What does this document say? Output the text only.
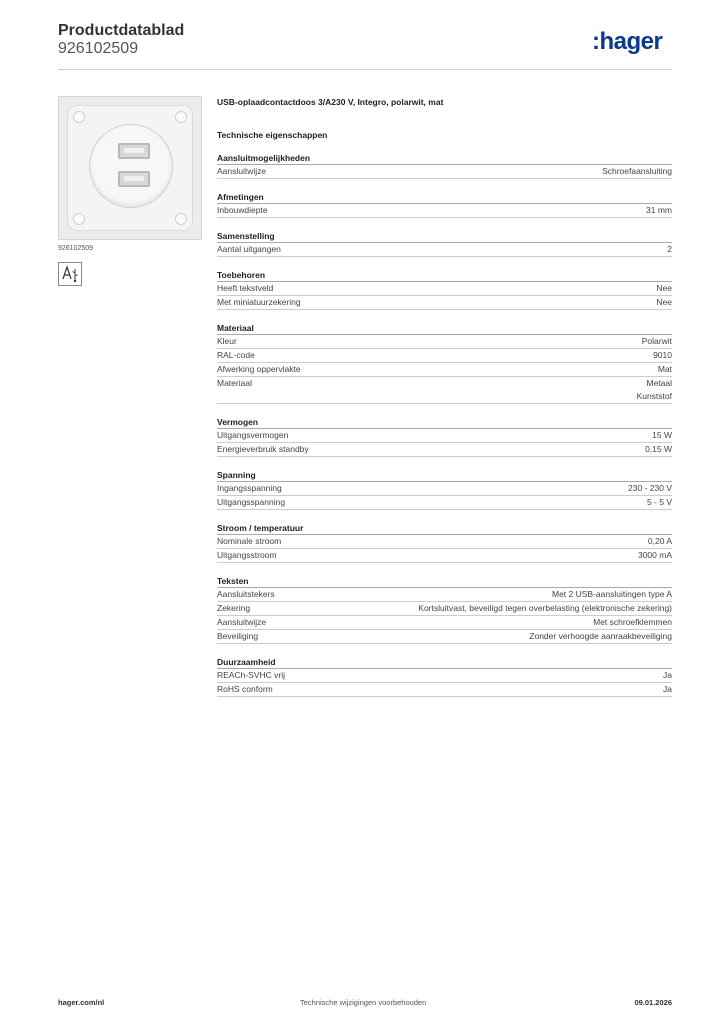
Productdatablad
926102509	:hager
926102509
USB-oplaadcontactdoos 3/A230 V, Integro, polarwit, mat
Technische eigenschappen
Aansluitmogelijkheden
Aansluitwijze	Schroefaansluiting
Afmetingen
Inbouwdiepte	31 mm
Samenstelling
Aantal uitgangen	2
Toebehoren
Heeft tekstveld	Nee
Met miniatuurzekering	Nee
Materiaal
Kleur	Polarwit
RAL-code	9010
Afwerking oppervlakte	Mat
Materiaal	Metaal
Kunststof
Vermogen
Uitgangsvermogen	15 W
Energieverbruik standby	0,15 W
Spanning
Ingangsspanning	230 - 230 V
Uitgangsspanning	5 - 5 V
Stroom / temperatuur
Nominale stroom	0,20 A
Uitgangsstroom	3000 mA
Teksten
Aansluitstekers	Met 2 USB-aansluitingen type A
Zekering	Kortsluitvast, beveiligd tegen overbelasting (elektronische zekering)
Aansluitwijze	Met schroefklemmen
Beveiliging	Zonder verhoogde aanraakbeveiliging
Duurzaamheid
REACh-SVHC vrij	Ja
RoHS conform	Ja
hager.com/nl	Technische wijzigingen voorbehouden	09.01.2026
